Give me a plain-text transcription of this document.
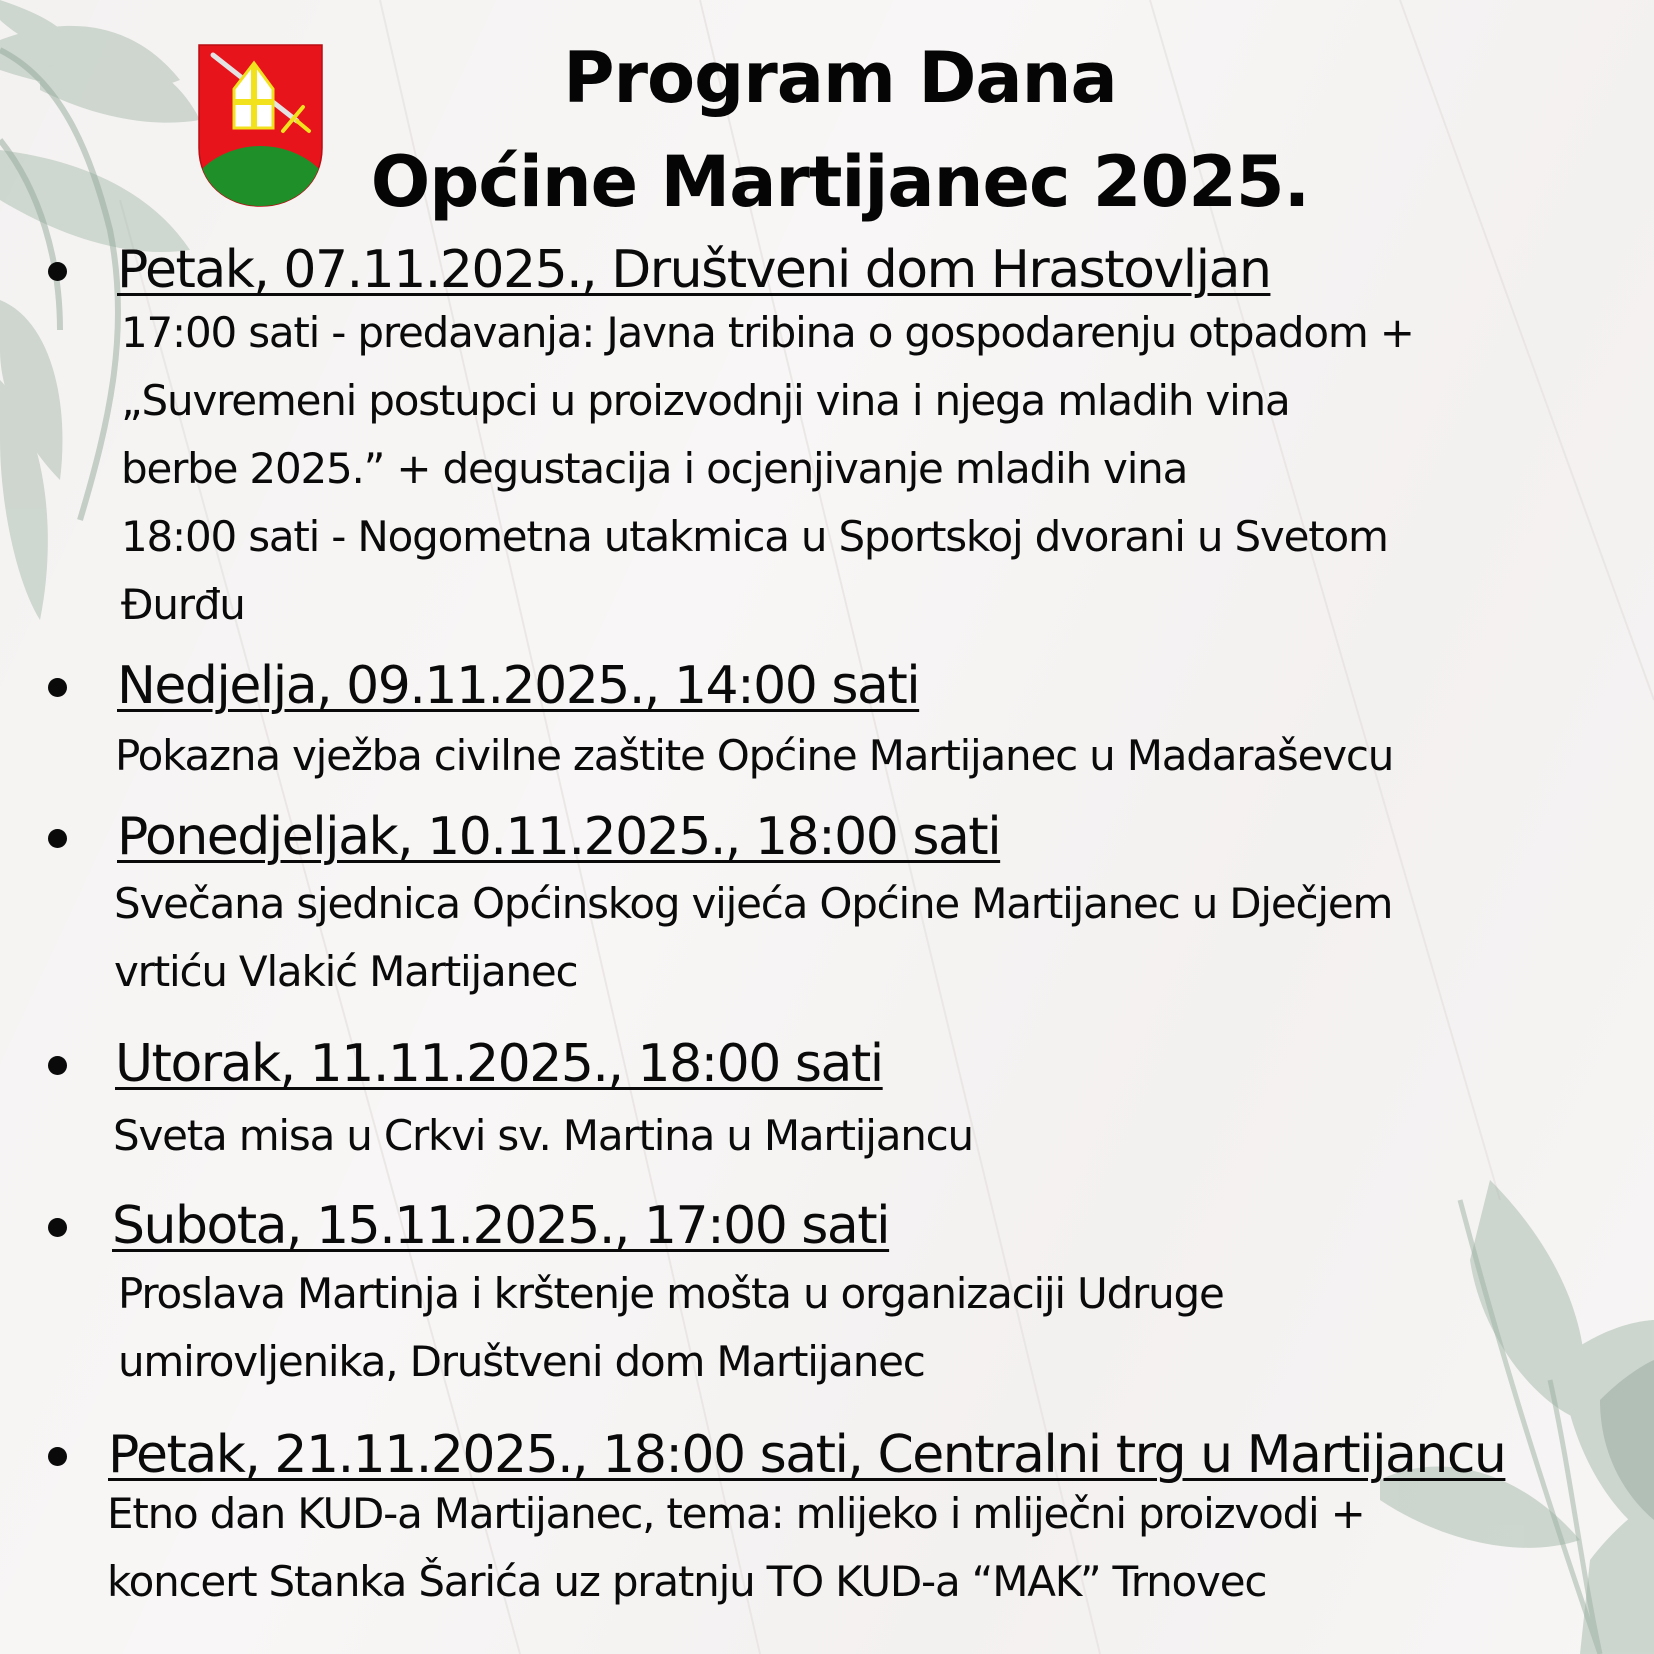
Program Dana
Općine Martijanec 2025.
Petak, 07.11.2025., Društveni dom Hrastovljan
17:00 sati - predavanja: Javna tribina o gospodarenju otpadom +
„Suvremeni postupci u proizvodnji vina i njega mladih vina
berbe 2025.” + degustacija i ocjenjivanje mladih vina
18:00 sati - Nogometna utakmica u Sportskoj dvorani u Svetom
Đurđu
Nedjelja, 09.11.2025., 14:00 sati
Pokazna vježba civilne zaštite Općine Martijanec u Madaraševcu
Ponedjeljak, 10.11.2025., 18:00 sati
Svečana sjednica Općinskog vijeća Općine Martijanec u Dječjem
vrtiću Vlakić Martijanec
Utorak, 11.11.2025., 18:00 sati
Sveta misa u Crkvi sv. Martina u Martijancu
Subota, 15.11.2025., 17:00 sati
Proslava Martinja i krštenje mošta u organizaciji Udruge
umirovljenika, Društveni dom Martijanec
Petak, 21.11.2025., 18:00 sati, Centralni trg u Martijancu
Etno dan KUD-a Martijanec, tema: mlijeko i mliječni proizvodi +
koncert Stanka Šarića uz pratnju TO KUD-a “MAK” Trnovec
